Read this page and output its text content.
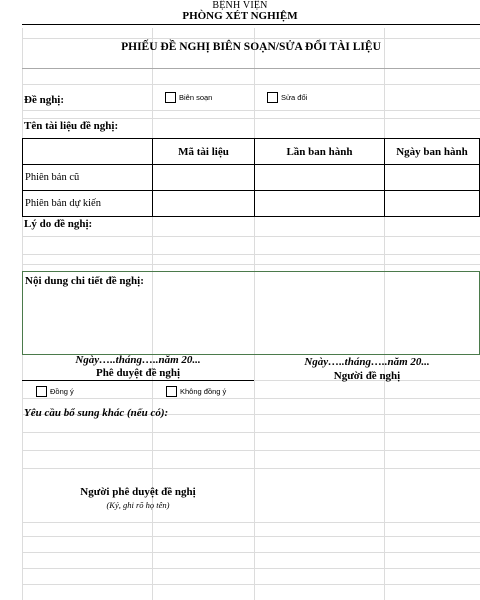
BỆNH VIỆN
PHÒNG XÉT NGHIỆM
PHIẾU ĐỀ NGHỊ BIÊN SOẠN/SỬA ĐỔI TÀI LIỆU
Đề nghị:	Biên soạn	Sửa đổi
Tên tài liệu đề nghị:
	Mã tài liệu	Lần ban hành	Ngày ban hành
Phiên bản cũ			
Phiên bản dự kiến			
Lý do đề nghị:
Nội dung chi tiết đề nghị:
Ngày…..tháng…..năm 20...
Phê duyệt đề nghị
Ngày…..tháng…..năm 20...
Người đề nghị
Đồng ý	Không đồng ý
Yêu cầu bổ sung khác (nếu có):
Người phê duyệt đề nghị
(Ký, ghi rõ họ tên)
